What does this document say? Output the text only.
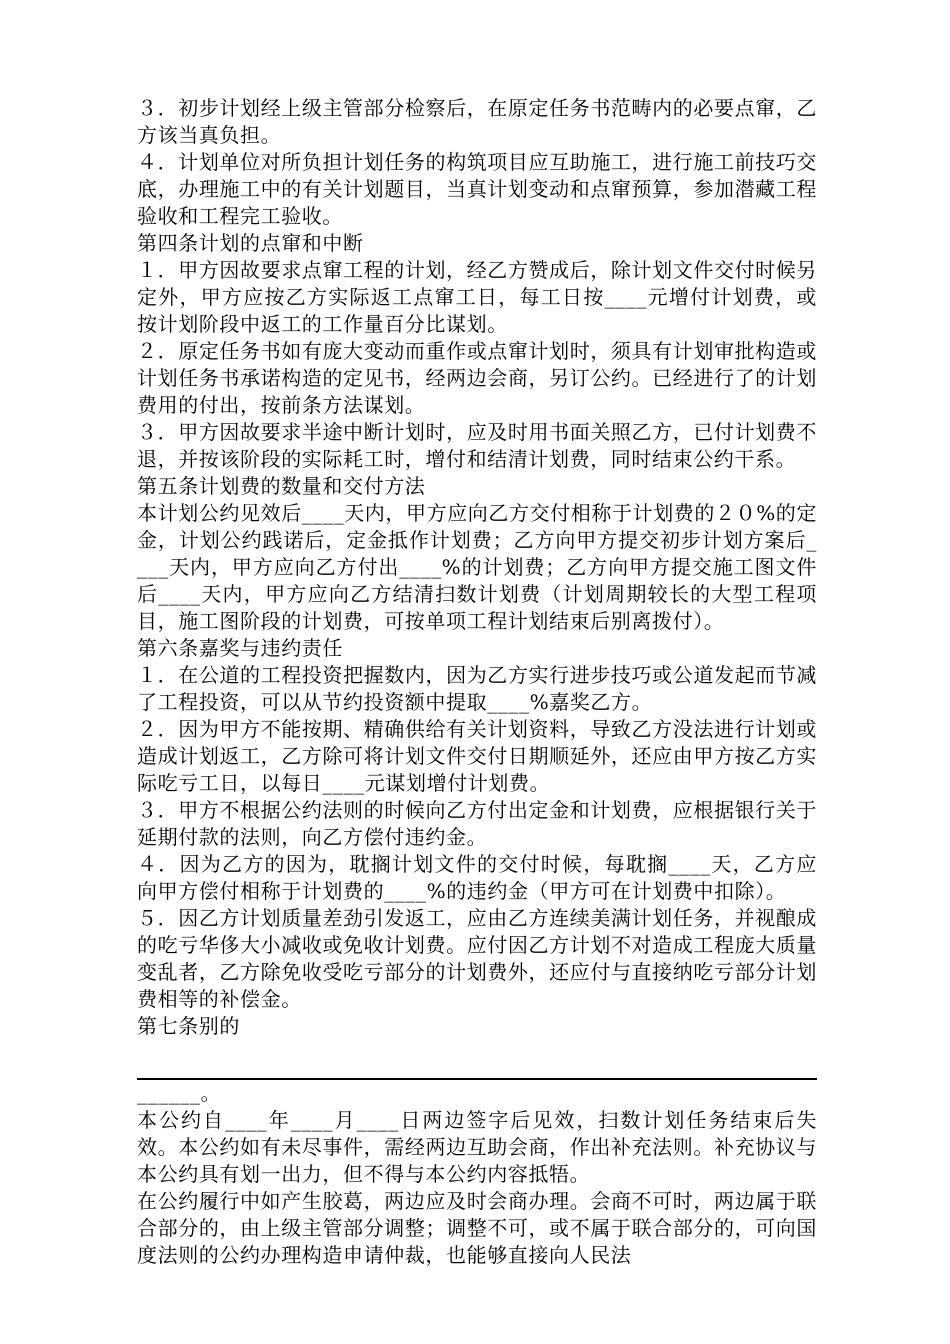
３．初步计划经上级主管部分检察后，在原定任务书范畴内的必要点窜，乙方该当真负担。

４．计划单位对所负担计划任务的构筑项目应互助施工，进行施工前技巧交底，办理施工中的有关计划题目，当真计划变动和点窜预算，参加潜藏工程验收和工程完工验收。

第四条计划的点窜和中断

１．甲方因故要求点窜工程的计划，经乙方赞成后，除计划文件交付时候另定外，甲方应按乙方实际返工点窜工日，每工日按____元增付计划费，或按计划阶段中返工的工作量百分比谋划。

２．原定任务书如有庞大变动而重作或点窜计划时，须具有计划审批构造或计划任务书承诺构造的定见书，经两边会商，另订公约。已经进行了的计划费用的付出，按前条方法谋划。

３．甲方因故要求半途中断计划时，应及时用书面关照乙方，已付计划费不退，并按该阶段的实际耗工时，增付和结清计划费，同时结束公约干系。

第五条计划费的数量和交付方法

本计划公约见效后____天内，甲方应向乙方交付相称于计划费的２０%的定金，计划公约践诺后，定金抵作计划费；乙方向甲方提交初步计划方案后____天内，甲方应向乙方付出____%的计划费；乙方向甲方提交施工图文件后____天内，甲方应向乙方结清扫数计划费（计划周期较长的大型工程项目，施工图阶段的计划费，可按单项工程计划结束后别离拨付）。

第六条嘉奖与违约责任

１．在公道的工程投资把握数内，因为乙方实行进步技巧或公道发起而节减了工程投资，可以从节约投资额中提取____%嘉奖乙方。

２．因为甲方不能按期、精确供给有关计划资料，导致乙方没法进行计划或造成计划返工，乙方除可将计划文件交付日期顺延外，还应由甲方按乙方实际吃亏工日，以每日____元谋划增付计划费。

３．甲方不根据公约法则的时候向乙方付出定金和计划费，应根据银行关于延期付款的法则，向乙方偿付违约金。

４．因为乙方的因为，耽搁计划文件的交付时候，每耽搁____天，乙方应向甲方偿付相称于计划费的____%的违约金（甲方可在计划费中扣除）。

５．因乙方计划质量差劲引发返工，应由乙方连续美满计划任务，并视酿成的吃亏华侈大小减收或免收计划费。应付因乙方计划不对造成工程庞大质量变乱者，乙方除免收受吃亏部分的计划费外，还应付与直接纳吃亏部分计划费相等的补偿金。

第七条别的

______。

本公约自____年____月____日两边签字后见效，扫数计划任务结束后失效。本公约如有未尽事件，需经两边互助会商，作出补充法则。补充协议与本公约具有划一出力，但不得与本公约内容抵牾。

在公约履行中如产生胶葛，两边应及时会商办理。会商不可时，两边属于联合部分的，由上级主管部分调整；调整不可，或不属于联合部分的，可向国度法则的公约办理构造申请仲裁，也能够直接向人民法
